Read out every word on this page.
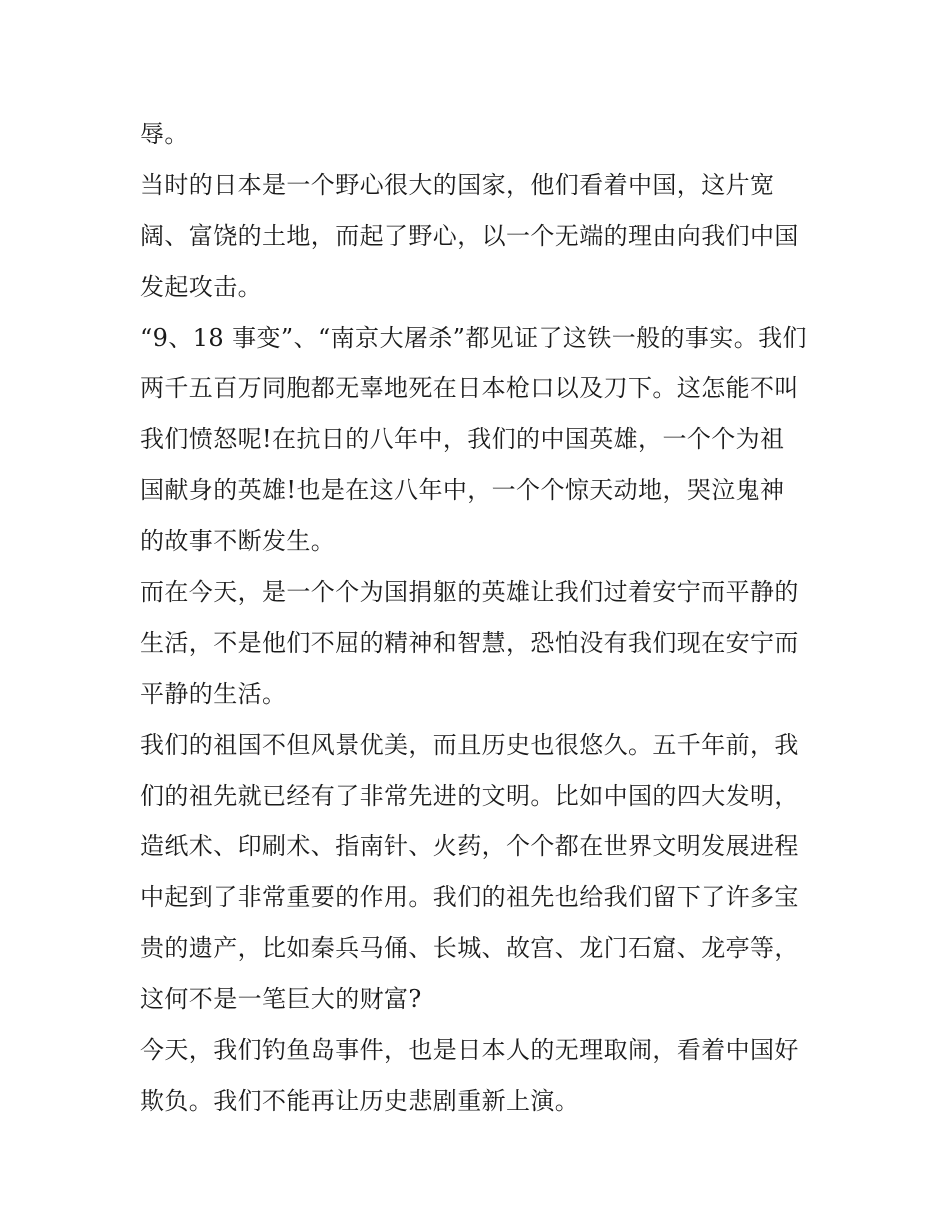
辱。
当时的日本是一个野心很大的国家，他们看着中国，这片宽
阔、富饶的土地，而起了野心，以一个无端的理由向我们中国
发起攻击。
“9、18 事变”、“南京大屠杀”都见证了这铁一般的事实。我们
两千五百万同胞都无辜地死在日本枪口以及刀下。这怎能不叫
我们愤怒呢!在抗日的八年中，我们的中国英雄，一个个为祖
国献身的英雄!也是在这八年中，一个个惊天动地，哭泣鬼神
的故事不断发生。
而在今天，是一个个为国捐躯的英雄让我们过着安宁而平静的
生活，不是他们不屈的精神和智慧，恐怕没有我们现在安宁而
平静的生活。
我们的祖国不但风景优美，而且历史也很悠久。五千年前，我
们的祖先就已经有了非常先进的文明。比如中国的四大发明，
造纸术、印刷术、指南针、火药，个个都在世界文明发展进程
中起到了非常重要的作用。我们的祖先也给我们留下了许多宝
贵的遗产，比如秦兵马俑、长城、故宫、龙门石窟、龙亭等，
这何不是一笔巨大的财富?
今天，我们钓鱼岛事件，也是日本人的无理取闹，看着中国好
欺负。我们不能再让历史悲剧重新上演。
